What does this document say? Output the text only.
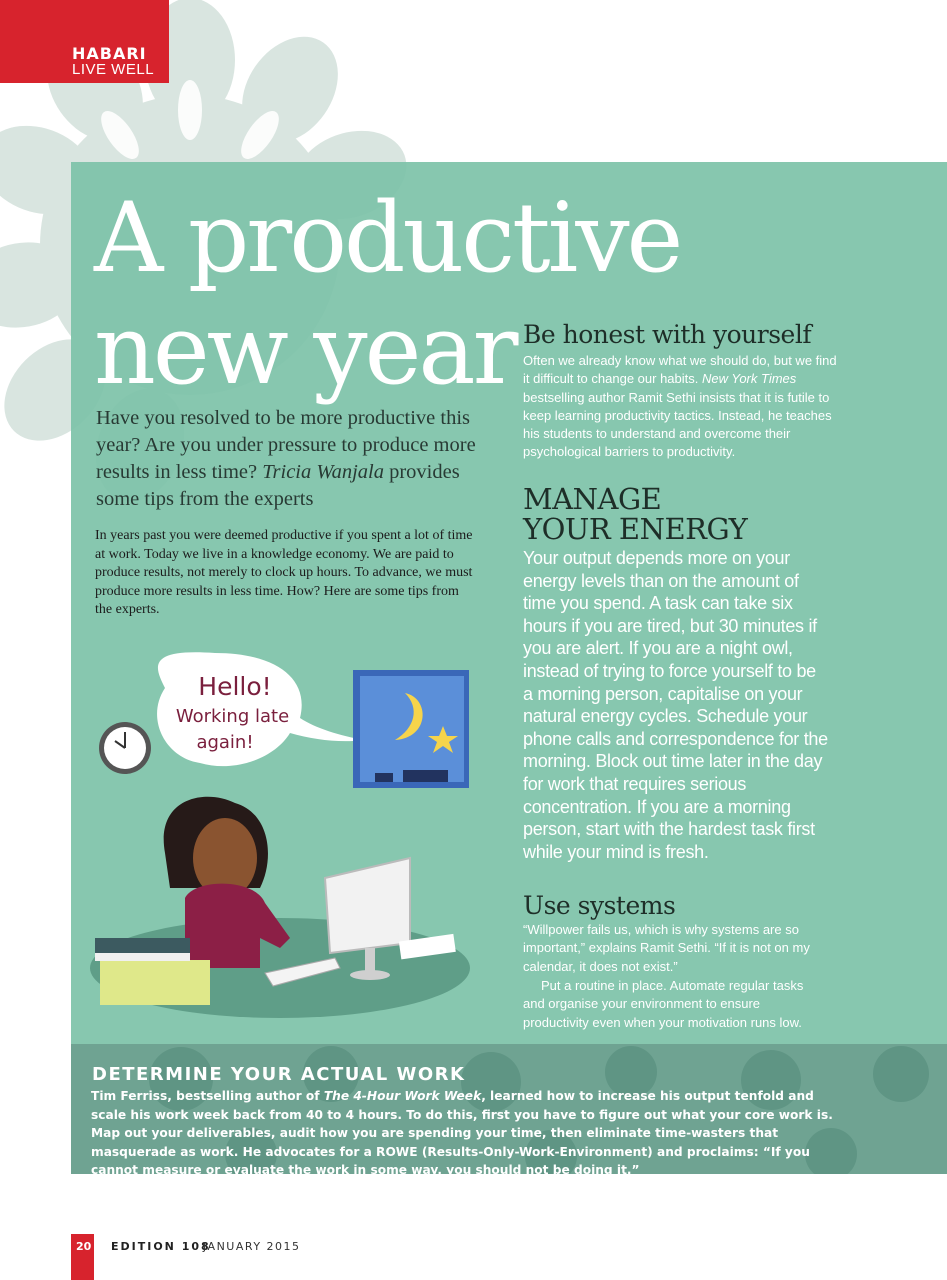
HABARI
LIVE WELL
A productive
new year

Have you resolved to be more productive this year? Are you under pressure to produce more results in less time? Tricia Wanjala provides some tips from the experts

In years past you were deemed productive if you spent a lot of time at work. Today we live in a knowledge economy. We are paid to produce results, not merely to clock up hours. To advance, we must produce more results in less time. How? Here are some tips from the experts.

Be honest with yourself

Often we already know what we should do, but we find it difficult to change our habits. New York Times bestselling author Ramit Sethi insists that it is futile to keep learning productivity tactics. Instead, he teaches his students to understand and overcome their psychological barriers to productivity.

MANAGE
YOUR ENERGY

Your output depends more on your energy levels than on the amount of time you spend. A task can take six hours if you are tired, but 30 minutes if you are alert. If you are a night owl, instead of trying to force yourself to be a morning person, capitalise on your natural energy cycles. Schedule your phone calls and correspondence for the morning. Block out time later in the day for work that requires serious concentration. If you are a morning person, start with the hardest task first while your mind is fresh.

Use systems

“Willpower fails us, which is why systems are so important,” explains Ramit Sethi. “If it is not on my calendar, it does not exist.”

Put a routine in place. Automate regular tasks and organise your environment to ensure productivity even when your motivation runs low.

Hello!
Working late
again!
DETERMINE YOUR ACTUAL WORK

Tim Ferriss, bestselling author of The 4-Hour Work Week, learned how to increase his output tenfold and scale his work week back from 40 to 4 hours. To do this, first you have to figure out what your core work is. Map out your deliverables, audit how you are spending your time, then eliminate time-wasters that masquerade as work. He advocates for a ROWE (Results-Only-Work-Environment) and proclaims: “If you cannot measure or evaluate the work in some way, you should not be doing it.”

20 EDITION 108
JANUARY 2015
